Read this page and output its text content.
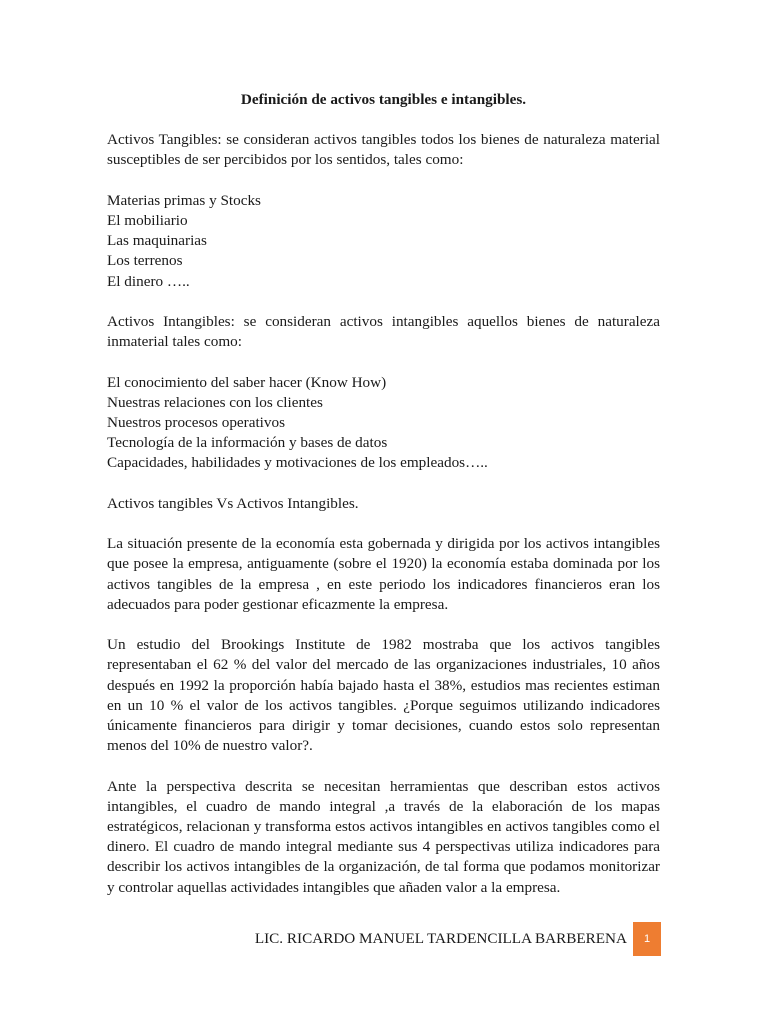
Definición de activos tangibles e intangibles.

Activos Tangibles: se consideran activos tangibles todos los bienes de naturaleza material susceptibles de ser percibidos por los sentidos, tales como:

Materias primas y Stocks
El mobiliario
Las maquinarias
Los terrenos
El dinero …..

Activos Intangibles: se consideran activos intangibles aquellos bienes de naturaleza inmaterial tales como:

El conocimiento del saber hacer (Know How)
Nuestras relaciones con los clientes
Nuestros procesos operativos
Tecnología de la información y bases de datos
Capacidades, habilidades y motivaciones de los empleados…..

Activos tangibles Vs Activos Intangibles.

La situación presente de la economía esta gobernada y dirigida por los activos intangibles que posee la empresa, antiguamente (sobre el 1920) la economía estaba dominada por los activos tangibles de la empresa , en este periodo los indicadores financieros eran los adecuados para poder gestionar eficazmente la empresa.

Un estudio del Brookings Institute de 1982 mostraba que los activos tangibles representaban el 62 % del valor del mercado de las organizaciones industriales, 10 años después en 1992 la proporción había bajado hasta el 38%, estudios mas recientes estiman en un 10 % el valor de los activos tangibles. ¿Porque seguimos utilizando indicadores únicamente financieros para dirigir y tomar decisiones, cuando estos solo representan menos del 10% de nuestro valor?.

Ante la perspectiva descrita se necesitan herramientas que describan estos activos intangibles, el cuadro de mando integral ,a través de la elaboración de los mapas estratégicos, relacionan y transforma estos activos intangibles en activos tangibles como el dinero. El cuadro de mando integral mediante sus 4 perspectivas utiliza indicadores para describir los activos intangibles de la organización, de tal forma que podamos monitorizar y controlar aquellas actividades intangibles que añaden valor a la empresa.

LIC. RICARDO MANUEL TARDENCILLA BARBERENA	1
